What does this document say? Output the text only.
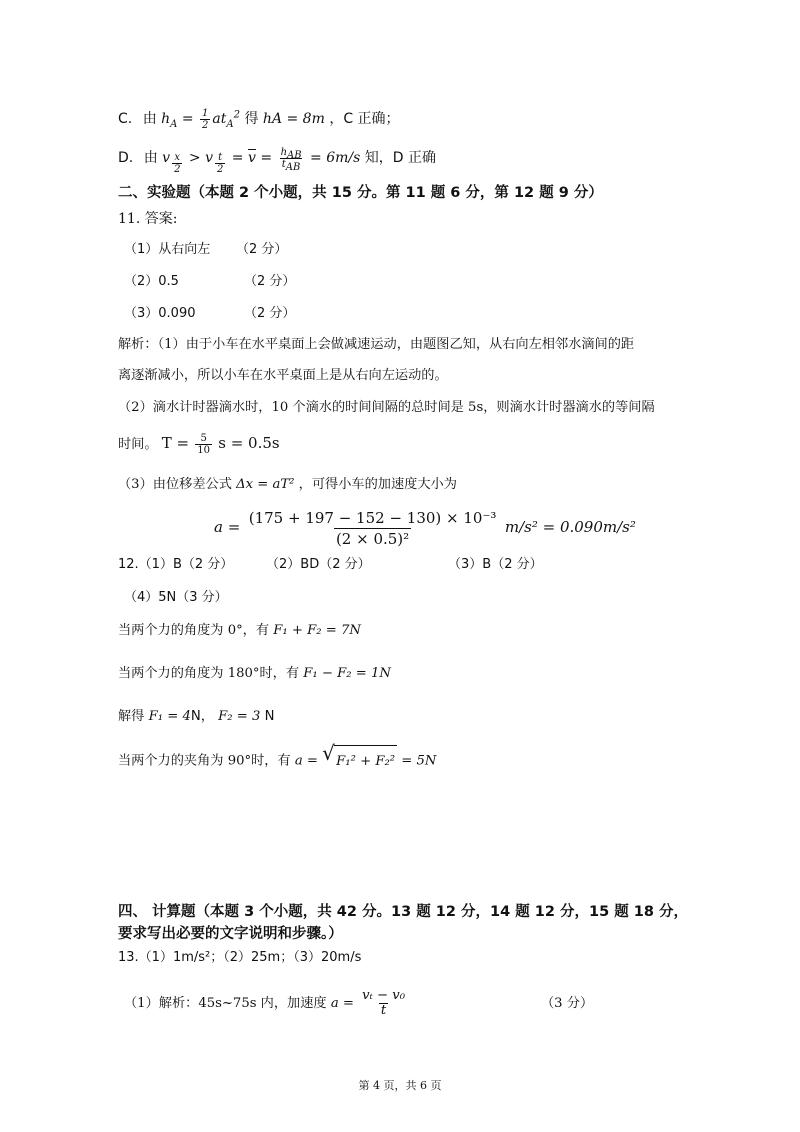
C. 由 $h_A = \frac{1}{2} at_A^2$ 得 hA = 8m ，C 正确；
D. 由 v $_{\frac{x}{2}}$ > v $_{\frac{t}{2}} = \overline{v} = \frac{h_{AB}}{t_{AB}} = 6m/s$ 知，D 正确
二、实验题（本题 2 个小题，共 15 分。第 11 题 6 分，第 12 题 9 分）
11. 答案:
（1）从右向左 （2 分）
（2）0.5	（2 分）
（3）0.090	（2 分）
解析：（1）由于小车在水平桌面上会做减速运动，由题图乙知，从右向左相邻水滴间的距
离逐渐减小，所以小车在水平桌面上是从右向左运动的。
（2）滴水计时器滴水时，10 个滴水的时间间隔的总时间是 5s，则滴水计时器滴水的等间隔
时间。 $T = \frac{5}{10}$ s = 0.5s
（3）由位移差公式 Δx = aT² ，可得小车的加速度大小为
$a = \frac{\text{(175 + 197 − 152 − 130) × 10⁻³}}{\text{(2 × 0.5)²}} m/s^2 = 0.090m/s^2$
12.（1）B（2 分）	（2）BD（2 分）	（3）B（2 分）
（4）5N（3 分）
当两个力的角度为 0°，有 F₁ + F₂ = 7N
当两个力的角度为 180°时，有 F₁ − F₂ = 1N
解得 F₁ = 4N， F₂ = 3 N
当两个力的夹角为 90°时，有 a = √ F₁² + F₂² = 5N
四、 计算题（本题 3 个小题，共 42 分。13 题 12 分，14 题 12 分，15 题 18 分，
要求写出必要的文字说明和步骤。）
13.（1）1m/s²；（2）25m；（3）20m/s
（1）解析：45s~75s 内，加速度 $a = \frac{\text{vₜ − v₀}}{t}$	（3 分）
第 4 页，共 6 页
